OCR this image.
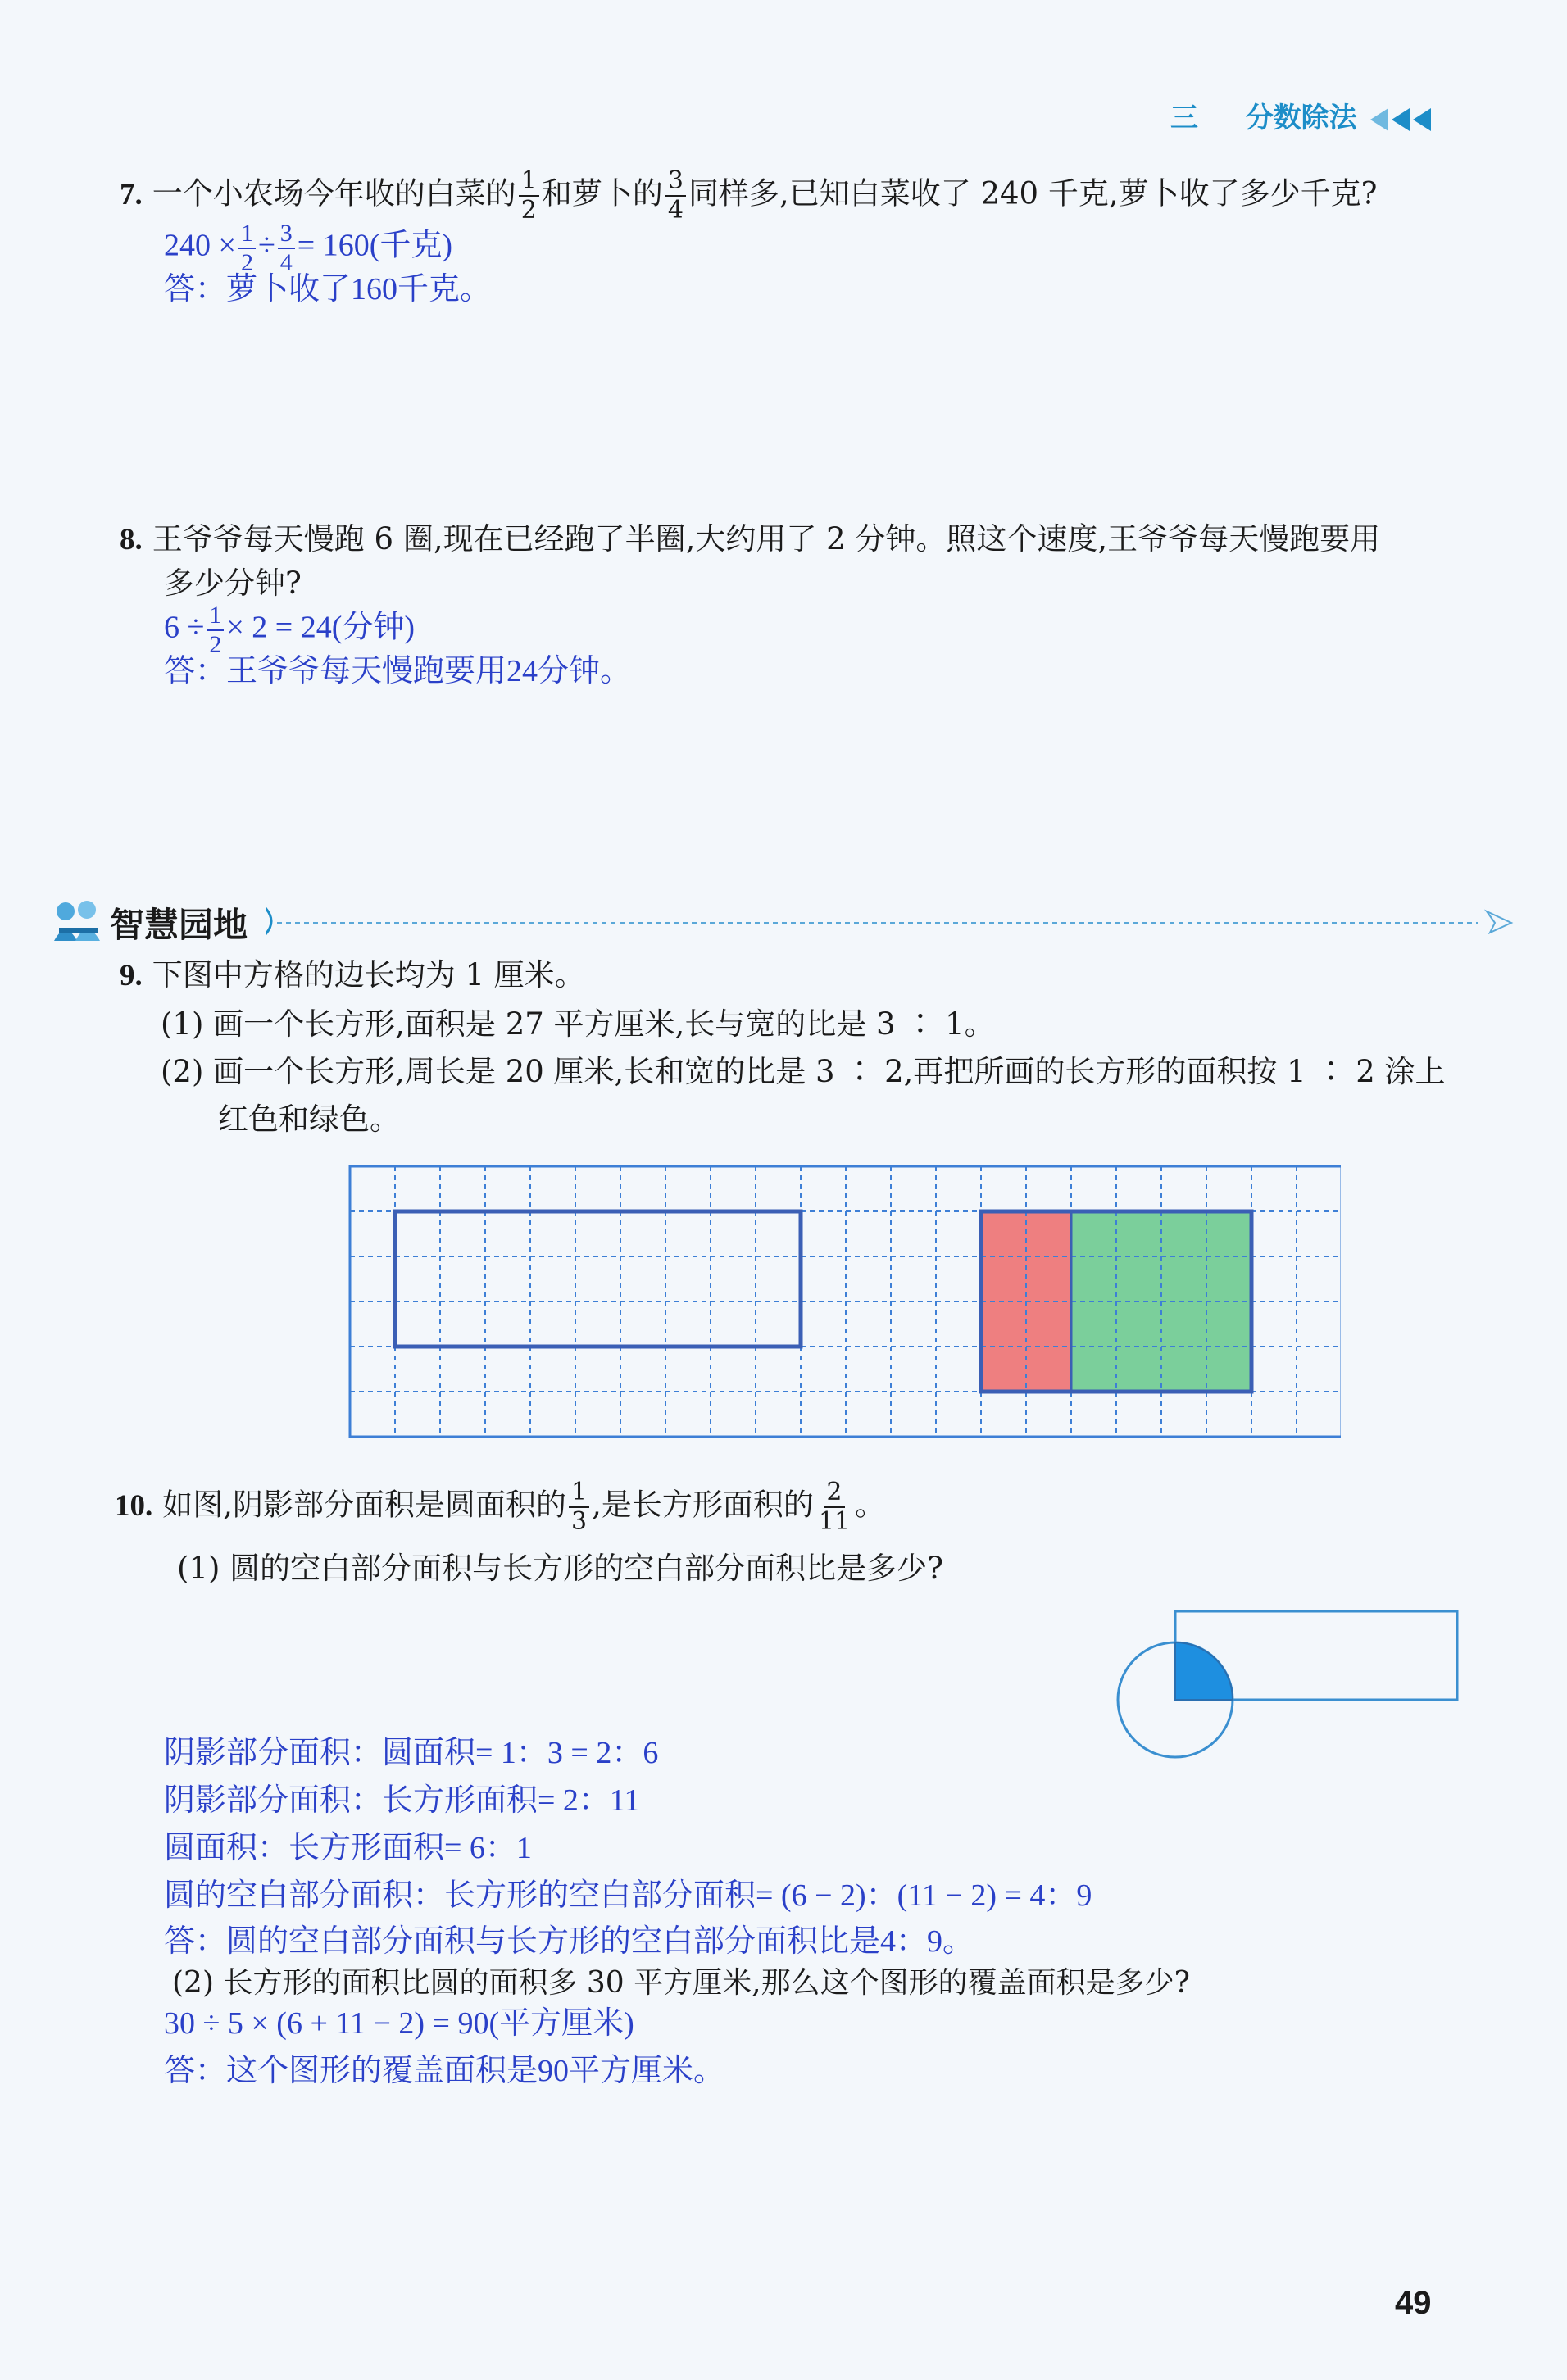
三 分数除法
7. 一个小农场今年收的白菜的 $\frac{1}{2}$ 和萝卜的 $\frac{3}{4}$ 同样多,已知白菜收了 240 千克,萝卜收了多少千克?
$240 \times \frac{1}{2} \div \frac{3}{4} = 160$(千克)
答：萝卜收了160千克。
8. 王爷爷每天慢跑 6 圈,现在已经跑了半圈,大约用了 2 分钟。照这个速度,王爷爷每天慢跑要用
多少分钟?
$6 \div \frac{1}{2} \times 2 = 24$(分钟)
答：王爷爷每天慢跑要用24分钟。
智慧园地
9. 下图中方格的边长均为 1 厘米。
(1) 画一个长方形,面积是 27 平方厘米,长与宽的比是 3 ∶ 1。
(2) 画一个长方形,周长是 20 厘米,长和宽的比是 3 ∶ 2,再把所画的长方形的面积按 1 ∶ 2 涂上
红色和绿色。
10. 如图,阴影部分面积是圆面积的 $\frac{1}{3}$ ,是长方形面积的 $\frac{2}{11}$ 。
(1) 圆的空白部分面积与长方形的空白部分面积比是多少?
阴影部分面积：圆面积= 1：3 = 2：6
阴影部分面积：长方形面积= 2：11
圆面积：长方形面积= 6：1
圆的空白部分面积：长方形的空白部分面积= (6 − 2)：(11 − 2) = 4：9
答：圆的空白部分面积与长方形的空白部分面积比是4：9。
(2) 长方形的面积比圆的面积多 30 平方厘米,那么这个图形的覆盖面积是多少?
30 ÷ 5 × (6 + 11 − 2) = 90(平方厘米)
答：这个图形的覆盖面积是90平方厘米。
49
